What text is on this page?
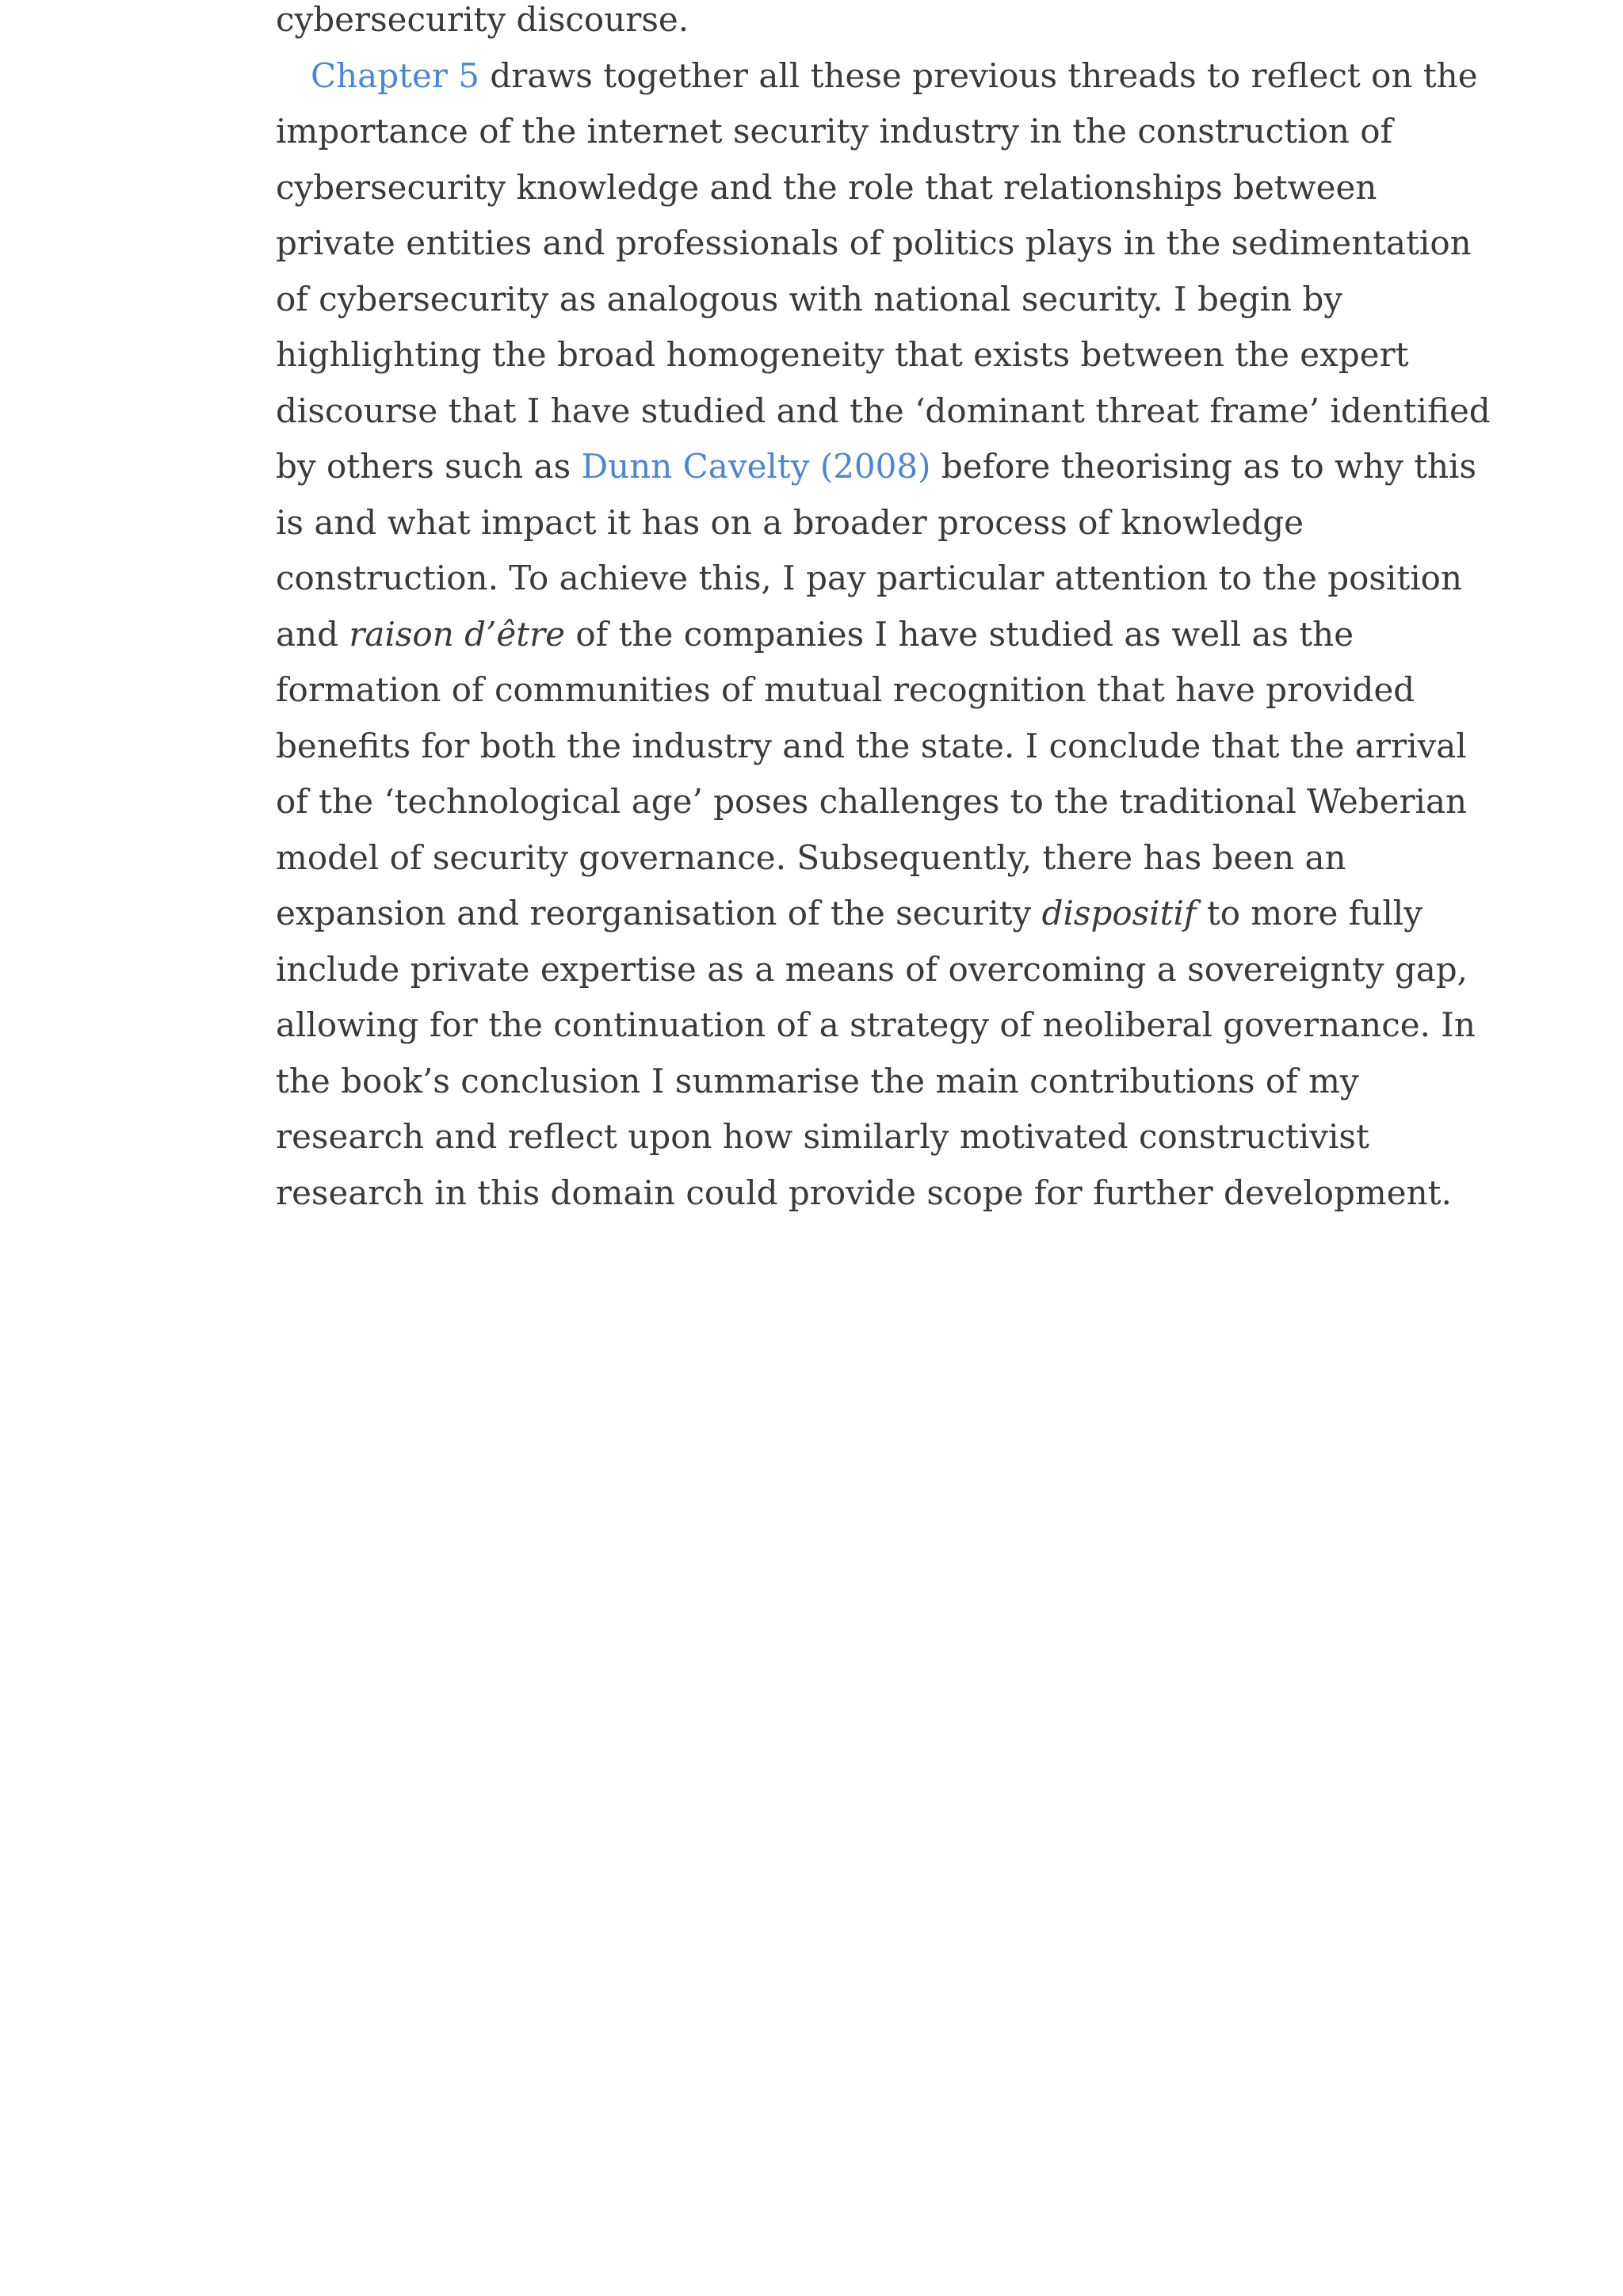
cybersecurity discourse.
Chapter 5 draws together all these previous threads to reflect on the
importance of the internet security industry in the construction of
cybersecurity knowledge and the role that relationships between
private entities and professionals of politics plays in the sedimentation
of cybersecurity as analogous with national security. I begin by
highlighting the broad homogeneity that exists between the expert
discourse that I have studied and the ‘dominant threat frame’ identified
by others such as Dunn Cavelty (2008) before theorising as to why this
is and what impact it has on a broader process of knowledge
construction. To achieve this, I pay particular attention to the position
and raison d’être of the companies I have studied as well as the
formation of communities of mutual recognition that have provided
benefits for both the industry and the state. I conclude that the arrival
of the ‘technological age’ poses challenges to the traditional Weberian
model of security governance. Subsequently, there has been an
expansion and reorganisation of the security dispositif to more fully
include private expertise as a means of overcoming a sovereignty gap,
allowing for the continuation of a strategy of neoliberal governance. In
the book’s conclusion I summarise the main contributions of my
research and reflect upon how similarly motivated constructivist
research in this domain could provide scope for further development.
